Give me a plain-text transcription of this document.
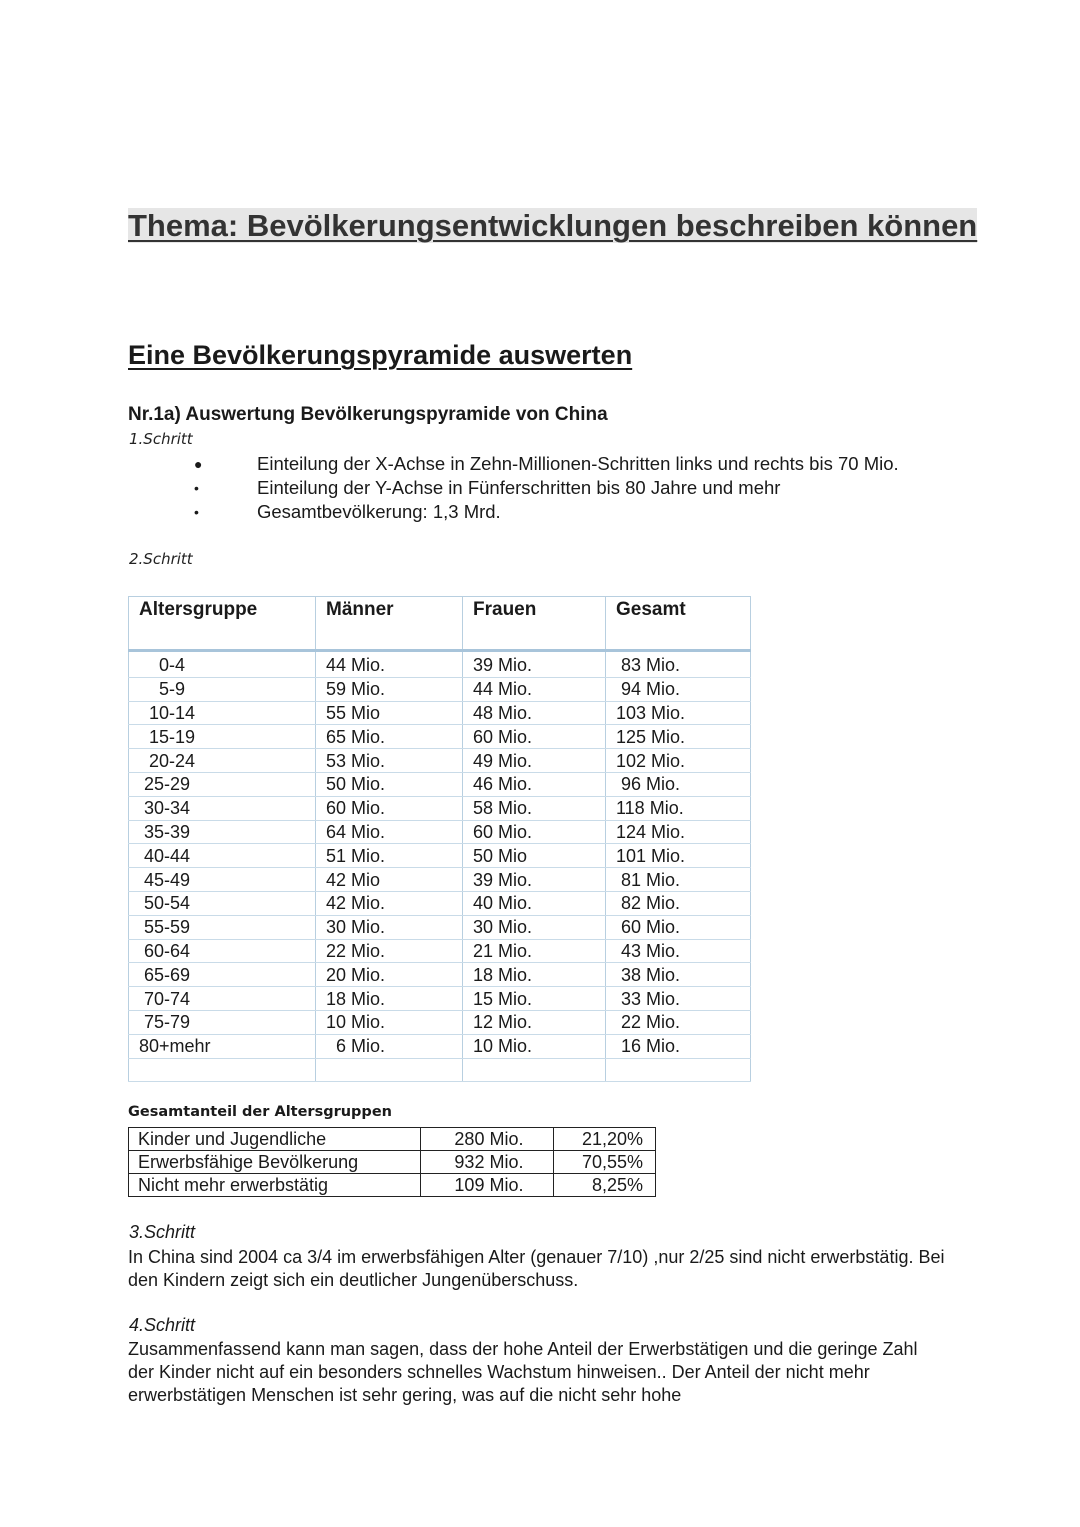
Thema: Bevölkerungsentwicklungen beschreiben können
Eine Bevölkerungspyramide auswerten

Nr.1a) Auswertung Bevölkerungspyramide von China

1.Schritt

●	Einteilung der X-Achse in Zehn-Millionen-Schritten links und rechts bis 70 Mio.
•	Einteilung der Y-Achse in Fünferschritten bis 80 Jahre und mehr
•	Gesamtbevölkerung: 1,3 Mrd.

2.Schritt

Altersgruppe	Männer	Frauen	Gesamt
0-4	44 Mio.	39 Mio.	83 Mio.
5-9	59 Mio.	44 Mio.	94 Mio.
10-14	55 Mio	48 Mio.	103 Mio.
15-19	65 Mio.	60 Mio.	125 Mio.
20-24	53 Mio.	49 Mio.	102 Mio.
25-29	50 Mio.	46 Mio.	96 Mio.
30-34	60 Mio.	58 Mio.	118 Mio.
35-39	64 Mio.	60 Mio.	124 Mio.
40-44	51 Mio.	50 Mio	101 Mio.
45-49	42 Mio	39 Mio.	81 Mio.
50-54	42 Mio.	40 Mio.	82 Mio.
55-59	30 Mio.	30 Mio.	60 Mio.
60-64	22 Mio.	21 Mio.	43 Mio.
65-69	20 Mio.	18 Mio.	38 Mio.
70-74	18 Mio.	15 Mio.	33 Mio.
75-79	10 Mio.	12 Mio.	22 Mio.
80+mehr	6 Mio.	10 Mio.	16 Mio.

Gesamtanteil der Altersgruppen

Kinder und Jugendliche	280 Mio.	21,20%
Erwerbsfähige Bevölkerung	932 Mio.	70,55%
Nicht mehr erwerbstätig	109 Mio.	8,25%

3.Schritt

In China sind 2004 ca 3/4 im erwerbsfähigen Alter (genauer 7/10) ,nur 2/25 sind nicht erwerbstätig. Bei den Kindern zeigt sich ein deutlicher Jungenüberschuss.

4.Schritt

Zusammenfassend kann man sagen, dass der hohe Anteil der Erwerbstätigen und die geringe Zahl der Kinder nicht auf ein besonders schnelles Wachstum hinweisen.. Der Anteil der nicht mehr erwerbstätigen Menschen ist sehr gering, was auf die nicht sehr hohe
